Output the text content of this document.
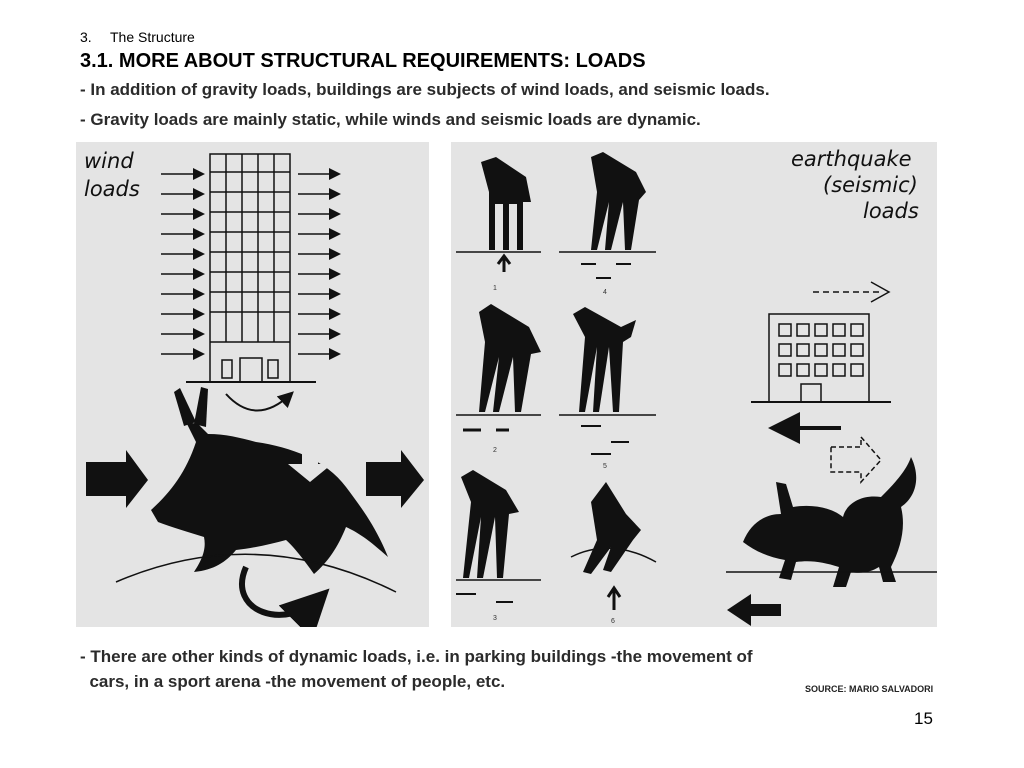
3. The Structure
3.1. MORE ABOUT STRUCTURAL REQUIREMENTS: LOADS

- In addition of gravity loads, buildings are subjects of wind loads, and seismic loads.

- Gravity loads are mainly static, while winds and seismic loads are dynamic.

wind
loads
earthquake
(seismic)
loads
1
4
2
5
3	6

- There are other kinds of dynamic loads, i.e. in parking buildings -the movement of
cars, in a sport arena -the movement of people, etc.	SOURCE: MARIO SALVADORI
15
